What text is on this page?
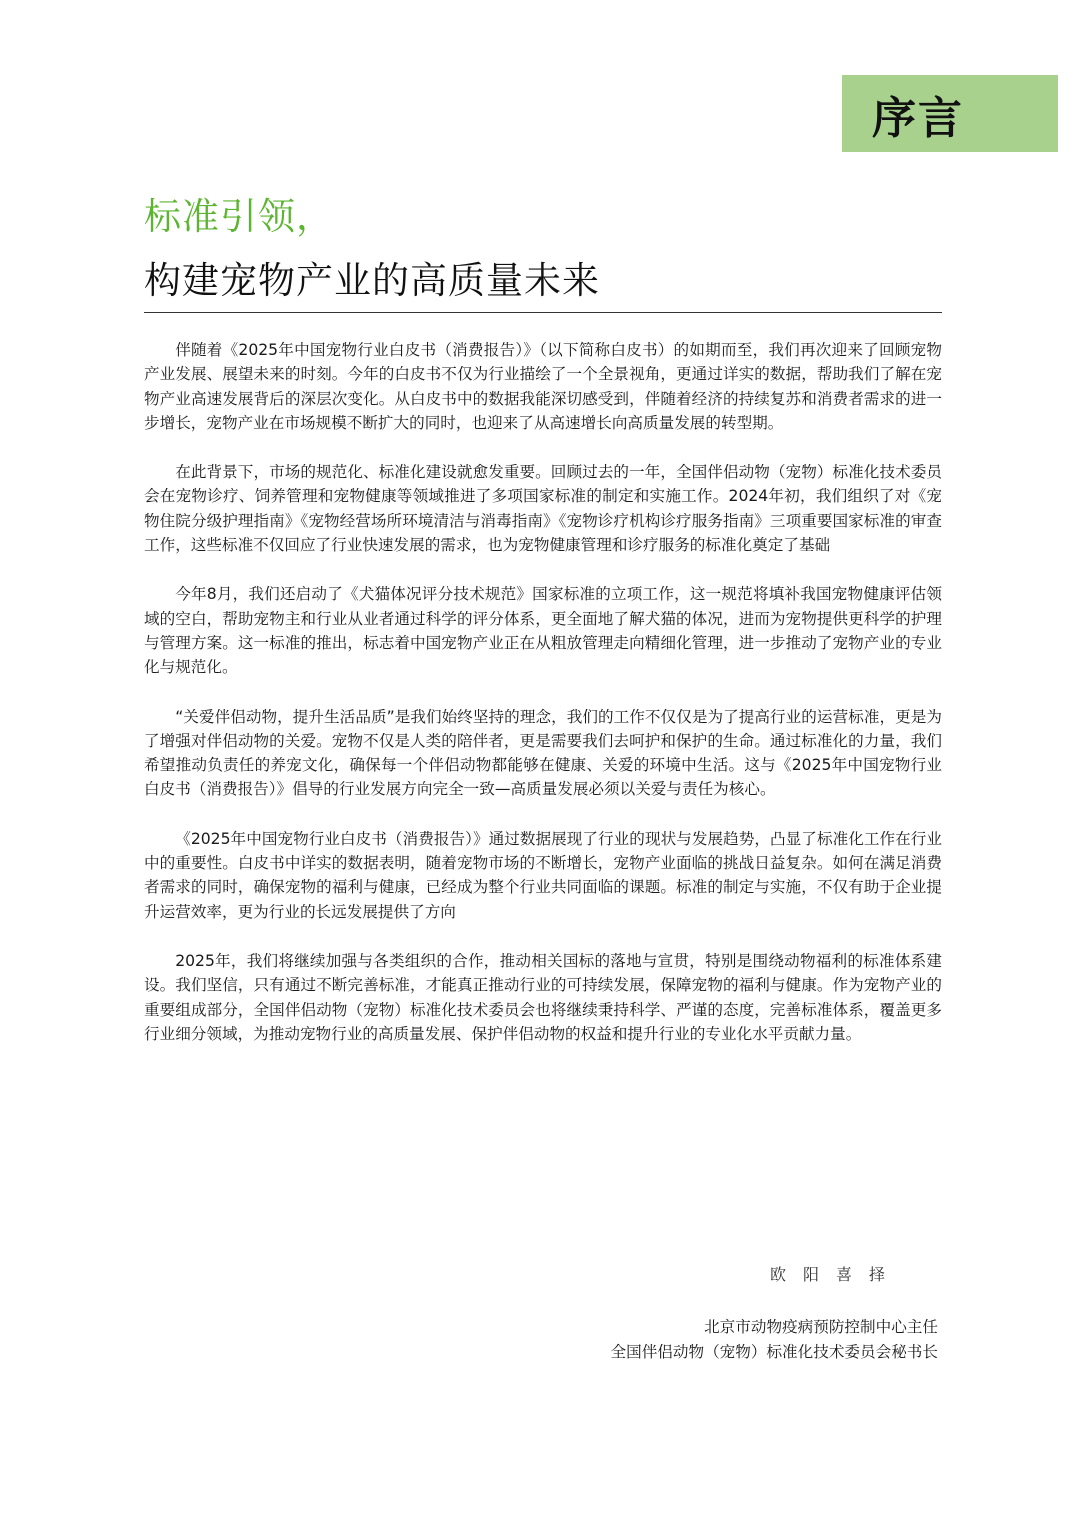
序言
标准引领，
构建宠物产业的高质量未来

伴随着《2025年中国宠物行业白皮书（消费报告）》（以下简称白皮书）的如期而至，我们再次迎来了回顾宠物产业发展、展望未来的时刻。今年的白皮书不仅为行业描绘了一个全景视角，更通过详实的数据，帮助我们了解在宠物产业高速发展背后的深层次变化。从白皮书中的数据我能深切感受到，伴随着经济的持续复苏和消费者需求的进一步增长，宠物产业在市场规模不断扩大的同时，也迎来了从高速增长向高质量发展的转型期。

在此背景下，市场的规范化、标准化建设就愈发重要。回顾过去的一年，全国伴侣动物（宠物）标准化技术委员会在宠物诊疗、饲养管理和宠物健康等领域推进了多项国家标准的制定和实施工作。2024年初，我们组织了对《宠物住院分级护理指南》《宠物经营场所环境清洁与消毒指南》《宠物诊疗机构诊疗服务指南》三项重要国家标准的审查工作，这些标准不仅回应了行业快速发展的需求，也为宠物健康管理和诊疗服务的标准化奠定了基础

今年8月，我们还启动了《犬猫体况评分技术规范》国家标准的立项工作，这一规范将填补我国宠物健康评估领域的空白，帮助宠物主和行业从业者通过科学的评分体系，更全面地了解犬猫的体况，进而为宠物提供更科学的护理与管理方案。这一标准的推出，标志着中国宠物产业正在从粗放管理走向精细化管理，进一步推动了宠物产业的专业化与规范化。

“关爱伴侣动物，提升生活品质”是我们始终坚持的理念，我们的工作不仅仅是为了提高行业的运营标准，更是为了增强对伴侣动物的关爱。宠物不仅是人类的陪伴者，更是需要我们去呵护和保护的生命。通过标准化的力量，我们希望推动负责任的养宠文化，确保每一个伴侣动物都能够在健康、关爱的环境中生活。这与《2025年中国宠物行业白皮书（消费报告）》倡导的行业发展方向完全一致—高质量发展必须以关爱与责任为核心。

《2025年中国宠物行业白皮书（消费报告）》通过数据展现了行业的现状与发展趋势，凸显了标准化工作在行业中的重要性。白皮书中详实的数据表明，随着宠物市场的不断增长，宠物产业面临的挑战日益复杂。如何在满足消费者需求的同时，确保宠物的福利与健康，已经成为整个行业共同面临的课题。标准的制定与实施，不仅有助于企业提升运营效率，更为行业的长远发展提供了方向

2025年，我们将继续加强与各类组织的合作，推动相关国标的落地与宣贯，特别是围绕动物福利的标准体系建设。我们坚信，只有通过不断完善标准，才能真正推动行业的可持续发展，保障宠物的福利与健康。作为宠物产业的重要组成部分，全国伴侣动物（宠物）标准化技术委员会也将继续秉持科学、严谨的态度，完善标准体系，覆盖更多行业细分领域，为推动宠物行业的高质量发展、保护伴侣动物的权益和提升行业的专业化水平贡献力量。

欧阳喜择
北京市动物疫病预防控制中心主任
全国伴侣动物（宠物）标准化技术委员会秘书长
